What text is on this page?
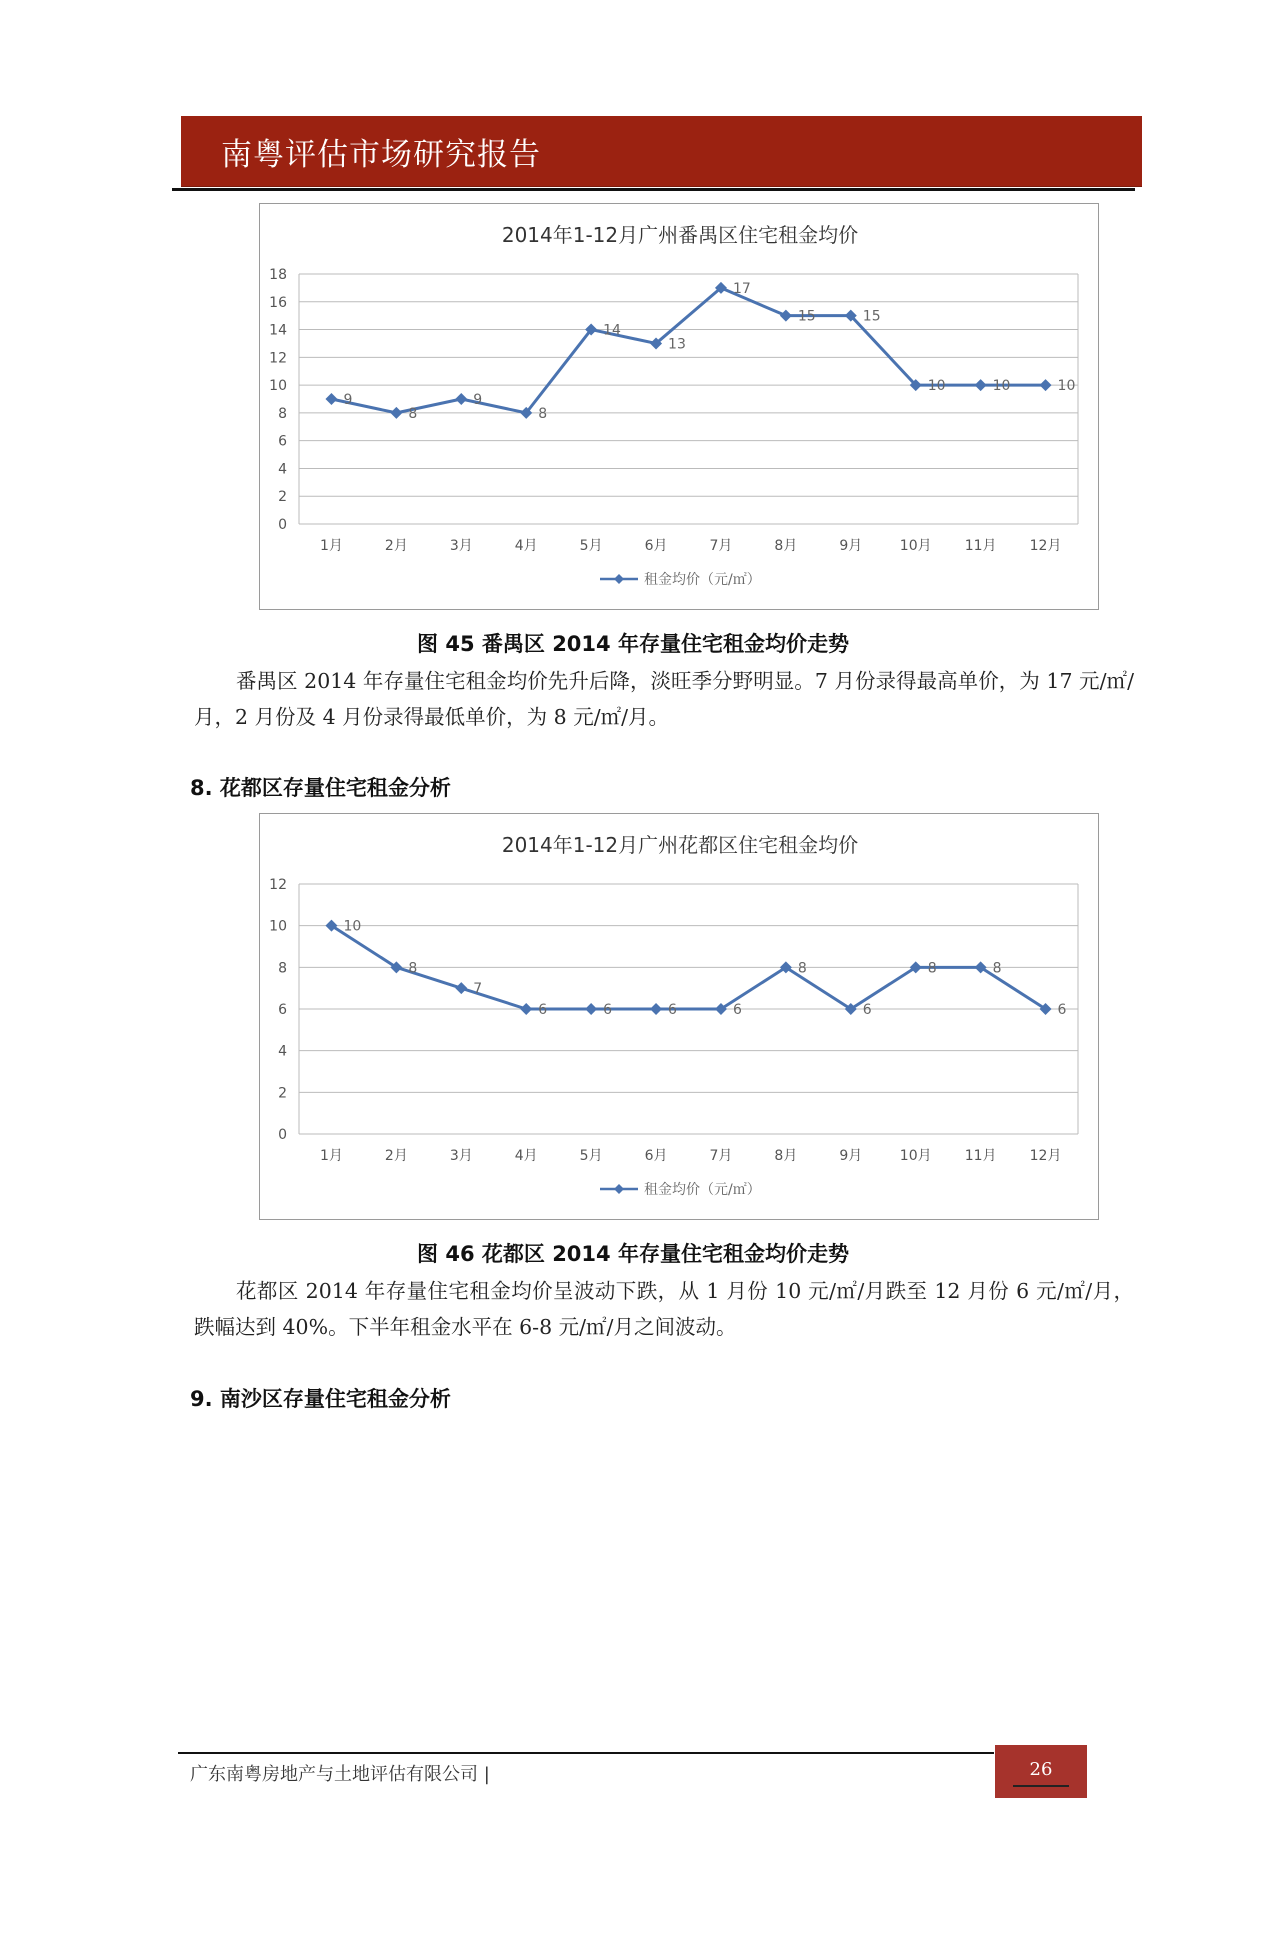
南粤评估市场研究报告
2014年1-12月广州番禺区住宅租金均价
0
2
4
6
8
10
12
14
16
18
1月	2月	3月	4月	5月	6月	7月	8月	9月	10月 11月 12月
9
8
9
8
14
13
17
15	15
10	10	10
租金均价（元/㎡）
图 45 番禺区 2014 年存量住宅租金均价走势
番禺区 2014 年存量住宅租金均价先升后降，淡旺季分野明显。7 月份录得最高单价，为 17 元/㎡/月，2 月份及 4 月份录得最低单价，为 8 元/㎡/月。
8. 花都区存量住宅租金分析
2014年1-12月广州花都区住宅租金均价
0
2
4
6
8
10
12
1月	2月	3月	4月	5月	6月	7月	8月	9月	10月 11月 12月
10
8
7
6	6	6	6
8
6
8	8
6
租金均价（元/㎡）
图 46 花都区 2014 年存量住宅租金均价走势
花都区 2014 年存量住宅租金均价呈波动下跌，从 1 月份 10 元/㎡/月跌至 12 月份 6 元/㎡/月，跌幅达到 40%。下半年租金水平在 6-8 元/㎡/月之间波动。
9. 南沙区存量住宅租金分析
广东南粤房地产与土地评估有限公司 |	26
